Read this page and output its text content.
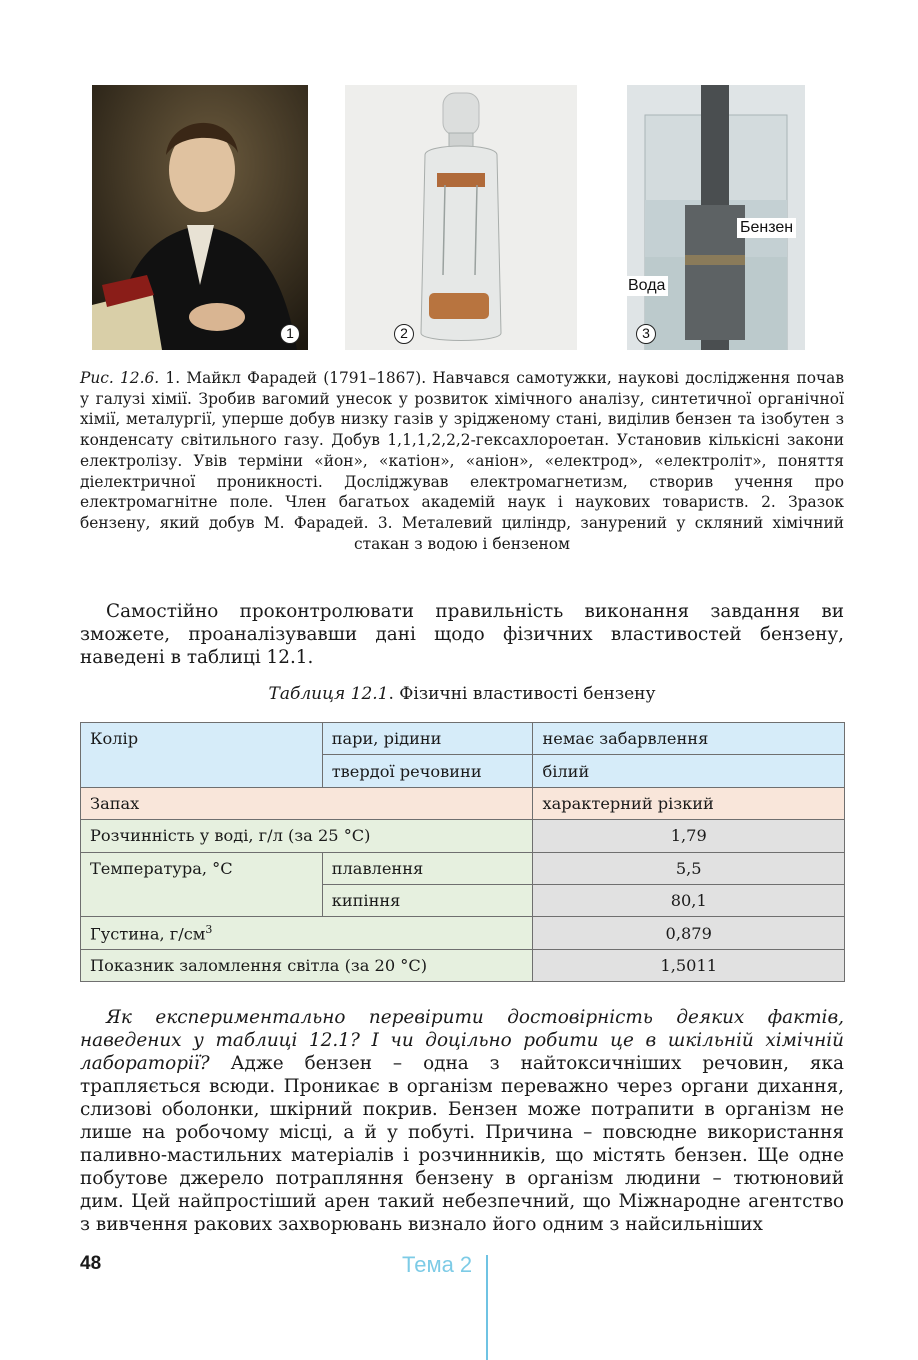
1	2
Бензен
Вода
3
Рис. 12.6. 1. Майкл Фарадей (1791–1867). Навчався самотужки, наукові дослідження почав у галузі хімії. Зробив вагомий унесок у розвиток хімічного аналізу, синтетичної органічної хімії, металургії, уперше добув низку газів у зрідженому стані, виділив бензен та ізобутен з конденсату світильного газу. Добув 1,1,1,2,2,2-гексахлороетан. Установив кількісні закони електролізу. Увів терміни «йон», «катіон», «аніон», «електрод», «електроліт», поняття діелектричної проникності. Досліджував електромагнетизм, створив учення про електромагнітне поле. Член багатьох академій наук і наукових товариств. 2. Зразок бензену, який добув М. Фарадей. 3. Металевий циліндр, занурений у скляний хімічний стакан з водою і бензеном

Самостійно проконтролювати правильність виконання завдання ви зможете, проаналізувавши дані щодо фізичних властивостей бензену, наведені в таблиці 12.1.

Таблиця 12.1. Фізичні властивості бензену
Колір	пари, рідини	немає забарвлення
	твердої речовини	білий
Запах		характерний різкий
Розчинність у воді, г/л (за 25 °С)		1,79
Температура, °С	плавлення	5,5
	кипіння	80,1
Густина, $г/см^3$		0,879
Показник заломлення світла (за 20 °С)		1,5011

Як експериментально перевірити достовірність деяких фактів, наведених у таблиці 12.1? І чи доцільно робити це в шкільній хімічній лабораторії? Адже бензен – одна з найтоксичніших речовин, яка трапляється всюди. Проникає в організм переважно через органи дихання, слизові оболонки, шкірний покрив. Бензен може потрапити в організм не лише на робочому місці, а й у побуті. Причина – повсюдне використання паливно-мастильних матеріалів і розчинників, що містять бензен. Ще одне побутове джерело потрапляння бензену в організм людини – тютюновий дим. Цей найпростіший арен такий небезпечний, що Міжнародне агентство з вивчення ракових захворювань визнало його одним з найсильніших

48	Тема 2
